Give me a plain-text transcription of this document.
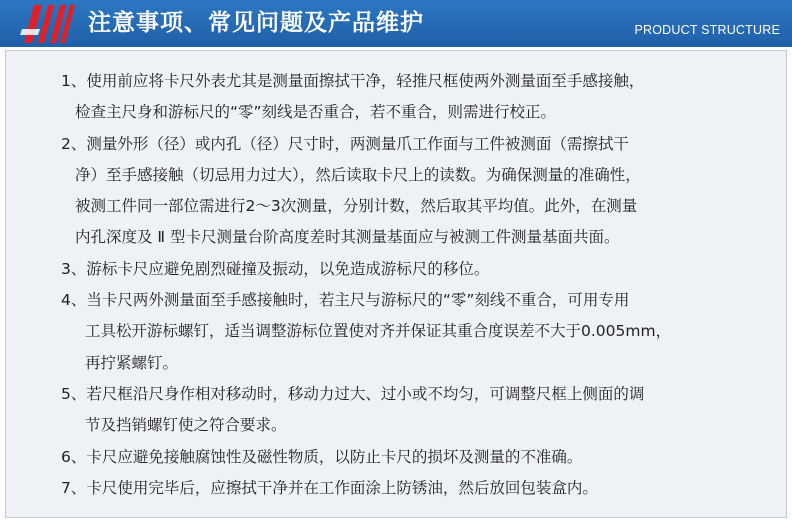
注意事项、常见问题及产品维护	PRODUCT STRUCTURE
1、使用前应将卡尺外表尤其是测量面擦拭干净，轻推尺框使两外测量面至手感接触，
检查主尺身和游标尺的“零”刻线是否重合，若不重合，则需进行校正。
2、测量外形（径）或内孔（径）尺寸时，两测量爪工作面与工件被测面（需擦拭干
净）至手感接触（切忌用力过大），然后读取卡尺上的读数。为确保测量的准确性，
被测工件同一部位需进行2～3次测量，分别计数，然后取其平均值。此外，在测量
内孔深度及 Ⅱ 型卡尺测量台阶高度差时其测量基面应与被测工件测量基面共面。
3、游标卡尺应避免剧烈碰撞及振动，以免造成游标尺的移位。
4、当卡尺两外测量面至手感接触时，若主尺与游标尺的“零”刻线不重合，可用专用
工具松开游标螺钉，适当调整游标位置使对齐并保证其重合度误差不大于0.005mm，
再拧紧螺钉。
5、若尺框沿尺身作相对移动时，移动力过大、过小或不均匀，可调整尺框上侧面的调
节及挡销螺钉使之符合要求。
6、卡尺应避免接触腐蚀性及磁性物质，以防止卡尺的损坏及测量的不准确。
7、卡尺使用完毕后，应擦拭干净并在工作面涂上防锈油，然后放回包装盒内。
